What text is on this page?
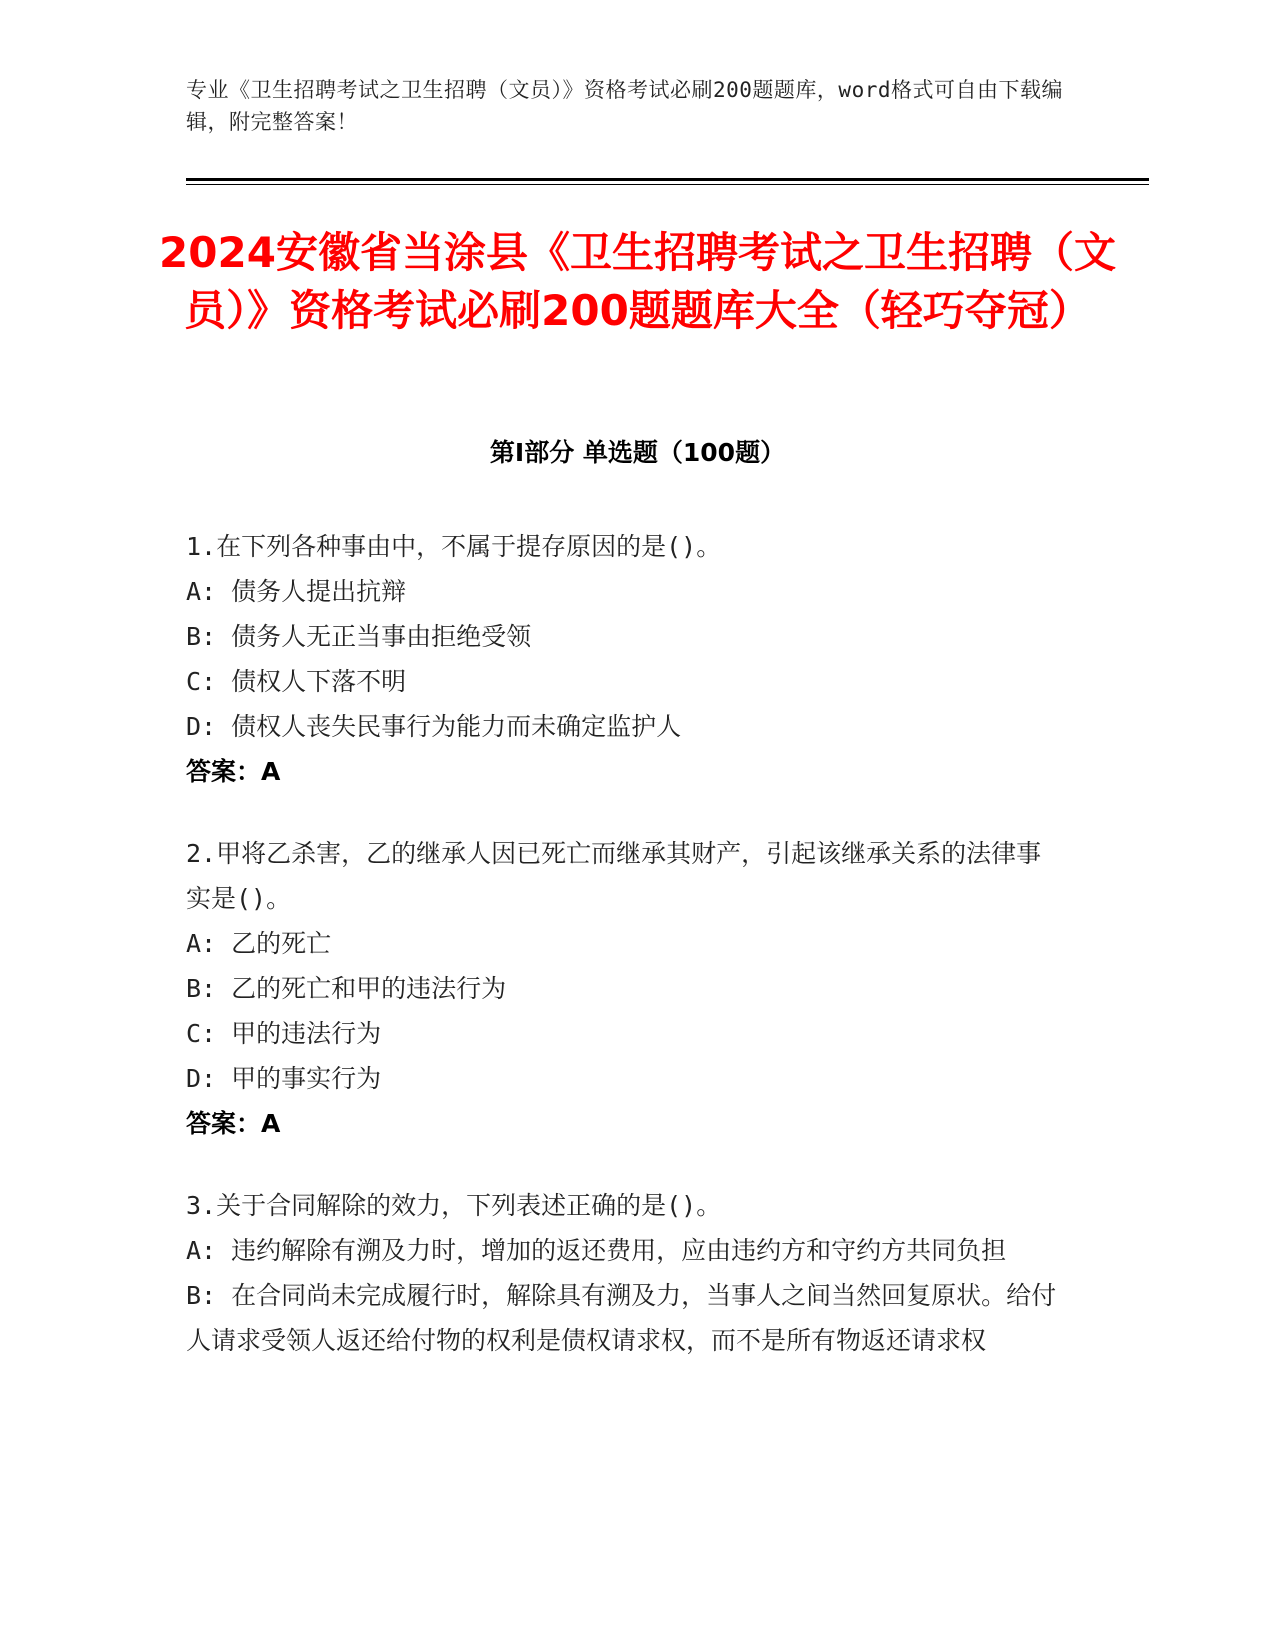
专业《卫生招聘考试之卫生招聘（文员）》资格考试必刷200题题库，word格式可自由下载编辑，附完整答案！
2024安徽省当涂县《卫生招聘考试之卫生招聘（文员）》资格考试必刷200题题库大全（轻巧夺冠）
第I部分 单选题（100题）

1.在下列各种事由中，不属于提存原因的是()。

A: 债务人提出抗辩

B: 债务人无正当事由拒绝受领

C: 债权人下落不明

D: 债权人丧失民事行为能力而未确定监护人

答案：A

2.甲将乙杀害，乙的继承人因已死亡而继承其财产，引起该继承关系的法律事实是()。

A: 乙的死亡

B: 乙的死亡和甲的违法行为

C: 甲的违法行为

D: 甲的事实行为

答案：A

3.关于合同解除的效力，下列表述正确的是()。

A: 违约解除有溯及力时，增加的返还费用，应由违约方和守约方共同负担

B: 在合同尚未完成履行时，解除具有溯及力，当事人之间当然回复原状。给付人请求受领人返还给付物的权利是债权请求权，而不是所有物返还请求权
